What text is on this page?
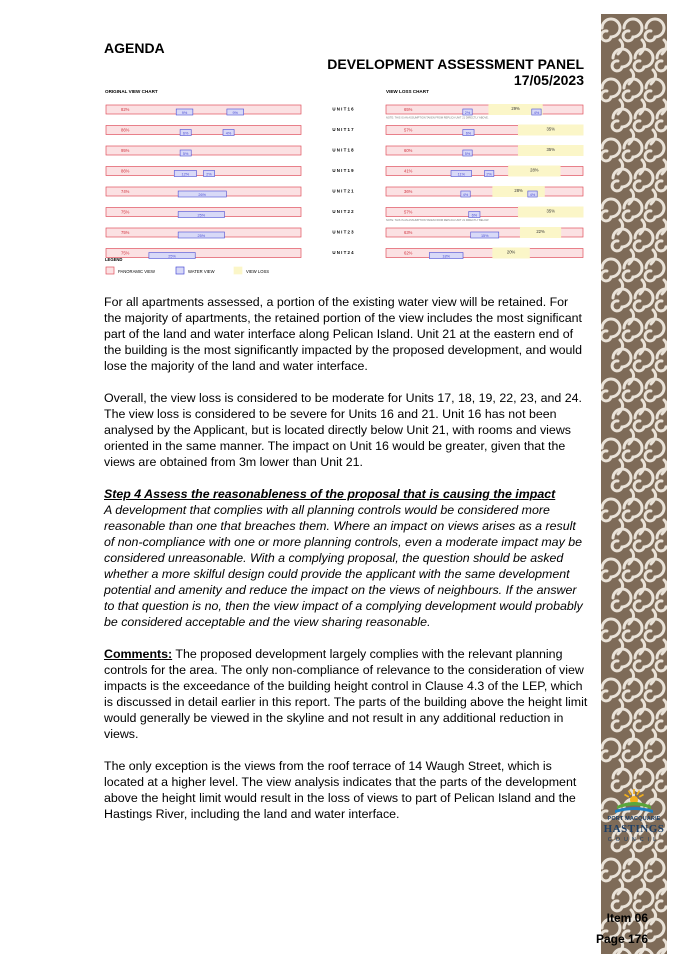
AGENDA
DEVELOPMENT ASSESSMENT PANEL
17/05/2023
ORIGINAL VIEW CHART	VIEW LOSS CHART
82%
9%	9%
U N I T 1 6	65%	29%
2%	4%
NOTE: THIS IS AN ASSUMPTION TAKEN FROM REPLICA UNIT 21 DIRECTLY ABOVE.
86%
6%	4%
U N I T 1 7	57%	35%
6%
95%
5%
U N I T 1 8	60%	35%
5%
86%
12%	2%
U N I T 1 9	41%	28%
11%	2%
74%
26%
U N I T 2 1	36%	28%
4%	4%
75%
25%
U N I T 2 2	57%	35%
6%
NOTE: THIS IS AN ASSUMPTION TAKEN FROM REPLICA UNIT 21 DIRECTLY BELOW.
75%
25%
U N I T 2 3	63%	22%
15%
75%
25%
U N I T 2 4	62%	20%
18%
LEGEND
PANORAMIC VIEW	WATER VIEW	VIEW LOSS

For all apartments assessed, a portion of the existing water view will be retained. For the majority of apartments, the retained portion of the view includes the most significant part of the land and water interface along Pelican Island. Unit 21 at the eastern end of the building is the most significantly impacted by the proposed development, and would lose the majority of the land and water interface.

Overall, the view loss is considered to be moderate for Units 17, 18, 19, 22, 23, and 24. The view loss is considered to be severe for Units 16 and 21. Unit 16 has not been analysed by the Applicant, but is located directly below Unit 21, with rooms and views oriented in the same manner. The impact on Unit 16 would be greater, given that the views are obtained from 3m lower than Unit 21.

Step 4 Assess the reasonableness of the proposal that is causing the impact
A development that complies with all planning controls would be considered more reasonable than one that breaches them. Where an impact on views arises as a result of non-compliance with one or more planning controls, even a moderate impact may be considered unreasonable. With a complying proposal, the question should be asked whether a more skilful design could provide the applicant with the same development potential and amenity and reduce the impact on the views of neighbours. If the answer to that question is no, then the view impact of a complying development would probably be considered acceptable and the view sharing reasonable.

Comments: The proposed development largely complies with the relevant planning controls for the area. The only non-compliance of relevance to the consideration of view impacts is the exceedance of the building height control in Clause 4.3 of the LEP, which is discussed in detail earlier in this report. The parts of the building above the height limit would generally be viewed in the skyline and not result in any additional reduction in views.

The only exception is the views from the roof terrace of 14 Waugh Street, which is located at a higher level. The view analysis indicates that the parts of the development above the height limit would result in the loss of views to part of Pelican Island and the Hastings River, including the land and water interface.	PORT MACQUARIE
HASTINGS
COUNCIL
Item 06
Page 176
